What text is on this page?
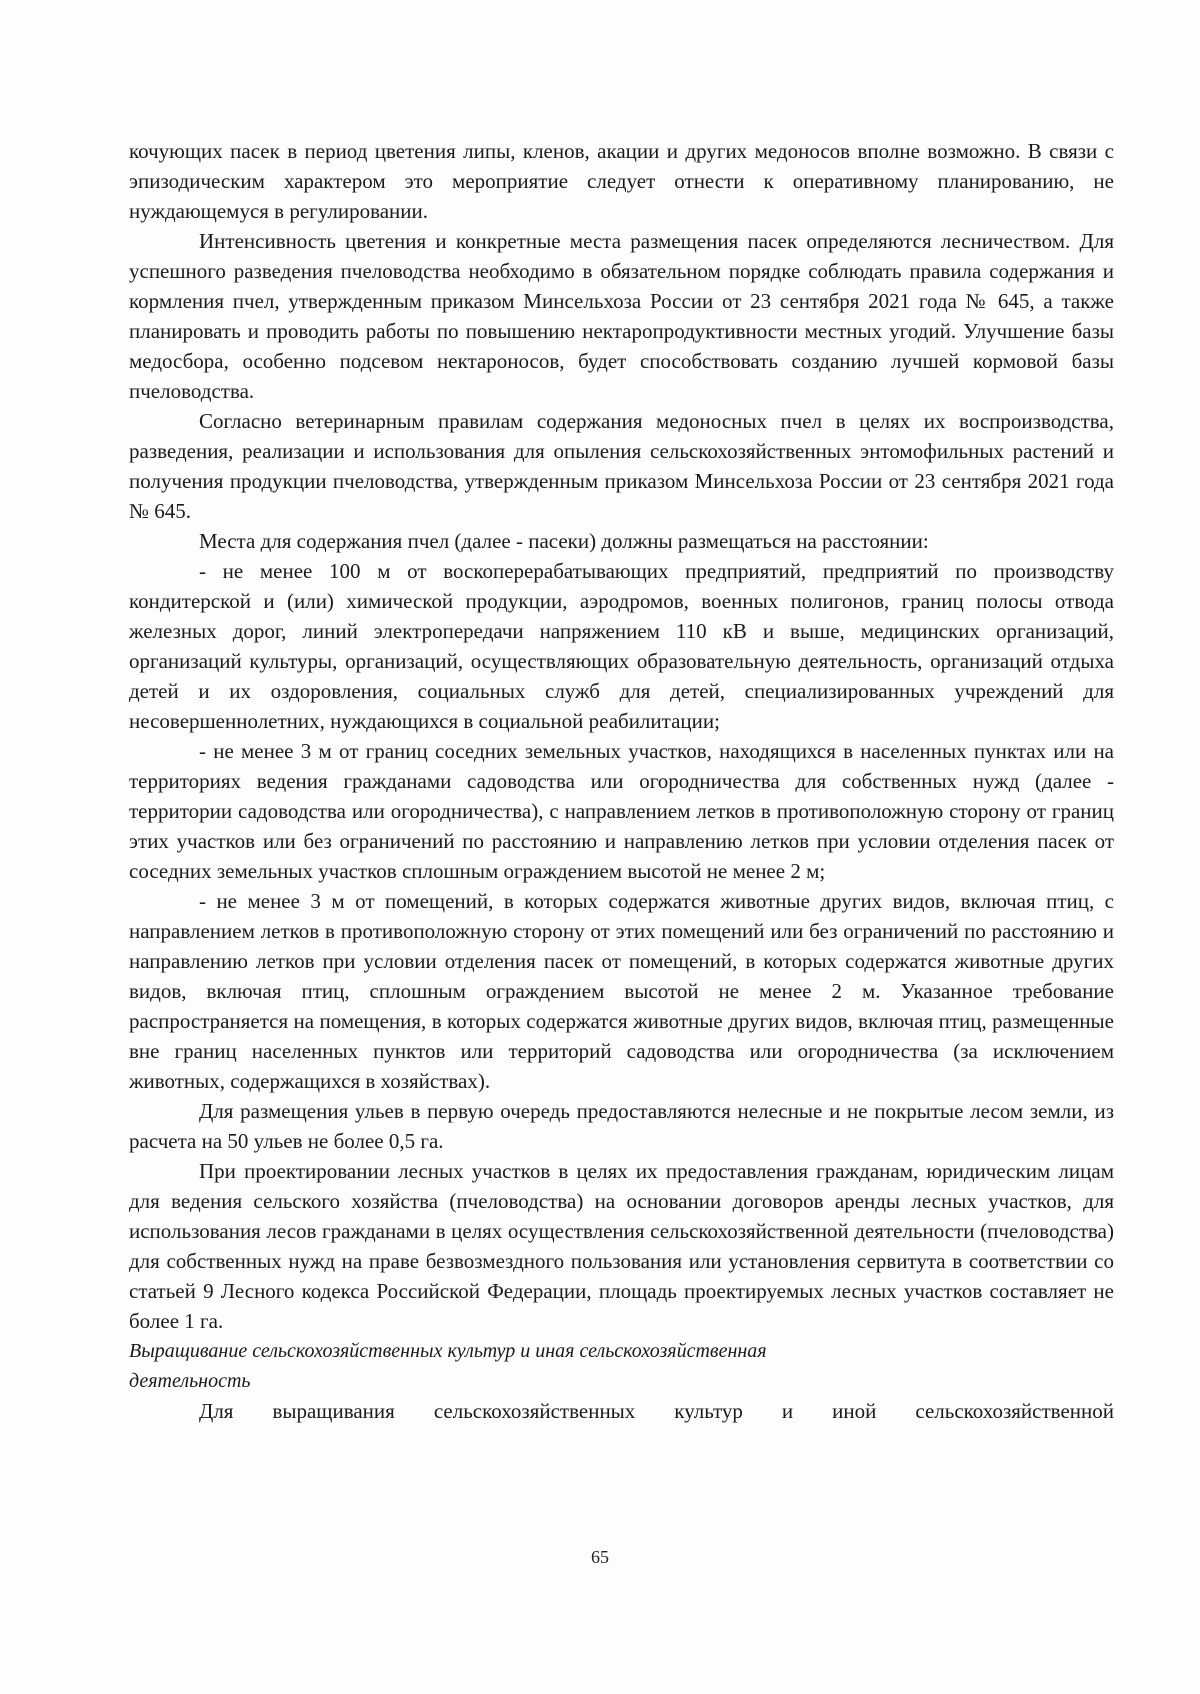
кочующих пасек в период цветения липы, кленов, акации и других медоносов вполне возможно. В связи с эпизодическим характером это мероприятие следует отнести к оперативному планированию, не нуждающемуся в регулировании.

Интенсивность цветения и конкретные места размещения пасек определяются лесничеством. Для успешного разведения пчеловодства необходимо в обязательном порядке соблюдать правила содержания и кормления пчел, утвержденным приказом Минсельхоза России от 23 сентября 2021 года № 645, а также планировать и проводить работы по повышению нектаропродуктивности местных угодий. Улучшение базы медосбора, особенно подсевом нектароносов, будет способствовать созданию лучшей кормовой базы пчеловодства.

Согласно ветеринарным правилам содержания медоносных пчел в целях их воспроизводства, разведения, реализации и использования для опыления сельскохозяйственных энтомофильных растений и получения продукции пчеловодства, утвержденным приказом Минсельхоза России от 23 сентября 2021 года № 645.

Места для содержания пчел (далее - пасеки) должны размещаться на расстоянии:

- не менее 100 м от воскоперерабатывающих предприятий, предприятий по производству кондитерской и (или) химической продукции, аэродромов, военных полигонов, границ полосы отвода железных дорог, линий электропередачи напряжением 110 кВ и выше, медицинских организаций, организаций культуры, организаций, осуществляющих образовательную деятельность, организаций отдыха детей и их оздоровления, социальных служб для детей, специализированных учреждений для несовершеннолетних, нуждающихся в социальной реабилитации;

- не менее 3 м от границ соседних земельных участков, находящихся в населенных пунктах или на территориях ведения гражданами садоводства или огородничества для собственных нужд (далее - территории садоводства или огородничества), с направлением летков в противоположную сторону от границ этих участков или без ограничений по расстоянию и направлению летков при условии отделения пасек от соседних земельных участков сплошным ограждением высотой не менее 2 м;

- не менее 3 м от помещений, в которых содержатся животные других видов, включая птиц, с направлением летков в противоположную сторону от этих помещений или без ограничений по расстоянию и направлению летков при условии отделения пасек от помещений, в которых содержатся животные других видов, включая птиц, сплошным ограждением высотой не менее 2 м. Указанное требование распространяется на помещения, в которых содержатся животные других видов, включая птиц, размещенные вне границ населенных пунктов или территорий садоводства или огородничества (за исключением животных, содержащихся в хозяйствах).

Для размещения ульев в первую очередь предоставляются нелесные и не покрытые лесом земли, из расчета на 50 ульев не более 0,5 га.

При проектировании лесных участков в целях их предоставления гражданам, юридическим лицам для ведения сельского хозяйства (пчеловодства) на основании договоров аренды лесных участков, для использования лесов гражданами в целях осуществления сельскохозяйственной деятельности (пчеловодства) для собственных нужд на праве безвозмездного пользования или установления сервитута в соответствии со статьей 9 Лесного кодекса Российской Федерации, площадь проектируемых лесных участков составляет не более 1 га.

Выращивание сельскохозяйственных культур и иная сельскохозяйственная

деятельность

Для выращивания сельскохозяйственных культур и иной сельскохозяйственной

65
